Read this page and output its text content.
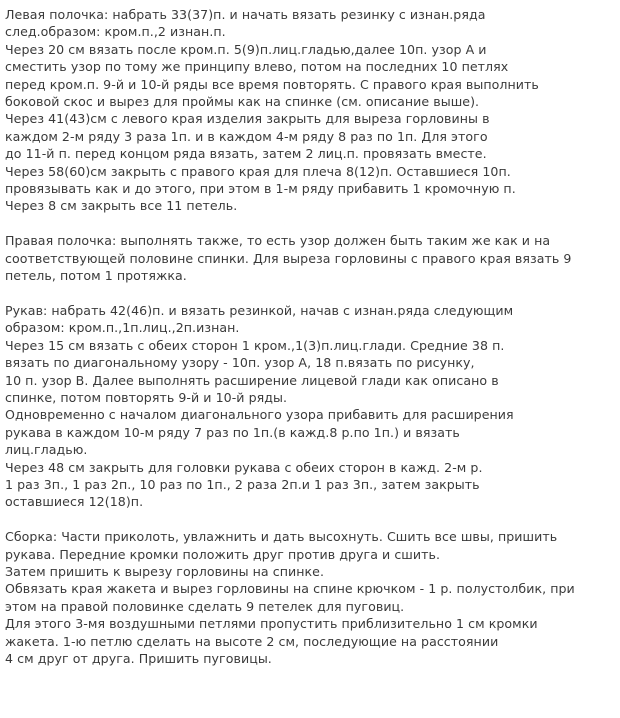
Левая полочка: набрать 33(37)п. и начать вязать резинку с изнан.ряда
след.образом: кром.п.,2 изнан.п.
Через 20 см вязать после кром.п. 5(9)п.лиц.гладью,далее 10п. узор А и
сместить узор по тому же принципу влево, потом на последних 10 петлях
перед кром.п. 9-й и 10-й ряды все время повторять. С правого края выполнить
боковой скос и вырез для проймы как на спинке (см. описание выше).
Через 41(43)см с левого края изделия закрыть для выреза горловины в
каждом 2-м ряду 3 раза 1п. и в каждом 4-м ряду 8 раз по 1п. Для этого
до 11-й п. перед концом ряда вязать, затем 2 лиц.п. провязать вместе.
Через 58(60)см закрыть с правого края для плеча 8(12)п. Оставшиеся 10п.
провязывать как и до этого, при этом в 1-м ряду прибавить 1 кромочную п.
Через 8 см закрыть все 11 петель.
Правая полочка: выполнять также, то есть узор должен быть таким же как и на
соответствующей половине спинки. Для выреза горловины с правого края вязать 9
петель, потом 1 протяжка.
Рукав: набрать 42(46)п. и вязать резинкой, начав с изнан.ряда следующим
образом: кром.п.,1п.лиц.,2п.изнан.
Через 15 см вязать с обеих сторон 1 кром.,1(3)п.лиц.глади. Средние 38 п.
вязать по диагональному узору - 10п. узор А, 18 п.вязать по рисунку,
10 п. узор В. Далее выполнять расширение лицевой глади как описано в
спинке, потом повторять 9-й и 10-й ряды.
Одновременно с началом диагонального узора прибавить для расширения
рукава в каждом 10-м ряду 7 раз по 1п.(в кажд.8 р.по 1п.) и вязать
лиц.гладью.
Через 48 см закрыть для головки рукава с обеих сторон в кажд. 2-м р.
1 раз 3п., 1 раз 2п., 10 раз по 1п., 2 раза 2п.и 1 раз 3п., затем закрыть
оставшиеся 12(18)п.
Сборка: Части приколоть, увлажнить и дать высохнуть. Сшить все швы, пришить
рукава. Передние кромки положить друг против друга и сшить.
Затем пришить к вырезу горловины на спинке.
Обвязать края жакета и вырез горловины на спине крючком - 1 р. полустолбик, при
этом на правой половинке сделать 9 петелек для пуговиц.
Для этого 3-мя воздушными петлями пропустить приблизительно 1 см кромки
жакета. 1-ю петлю сделать на высоте 2 см, последующие на расстоянии
4 см друг от друга. Пришить пуговицы.
